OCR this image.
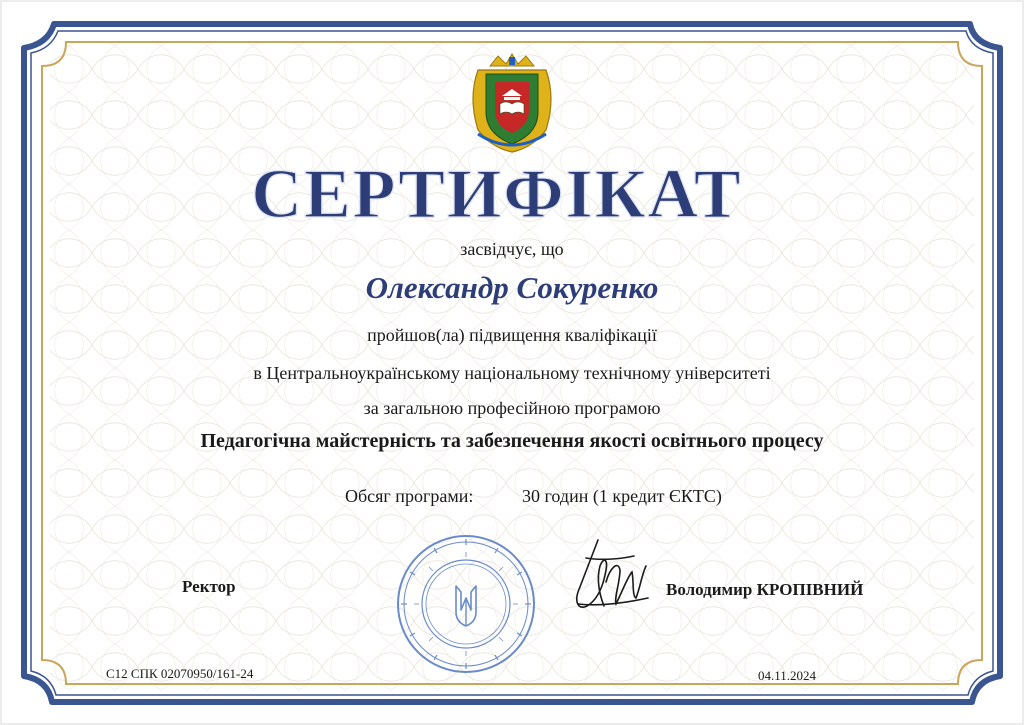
СЕРТИФІКАТ
засвідчує, що
Олександр Сокуренко
пройшов(ла) підвищення кваліфікації
в Центральноукраїнському національному технічному університеті
за загальною професійною програмою
Педагогічна майстерність та забезпечення якості освітнього процесу
Обсяг програми:	30 годин (1 кредит ЄКТС)
Ректор	Володимир КРОПІВНИЙ
С12 СПК 02070950/161-24	04.11.2024
